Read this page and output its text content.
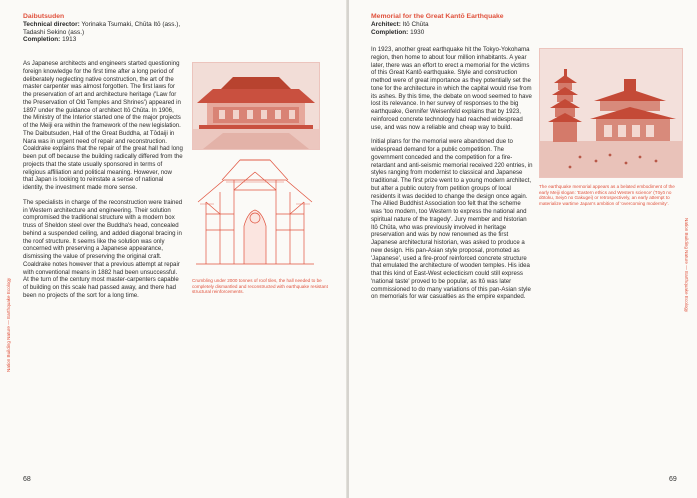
Daibutsuden

Technical director: Yorinaka Tsumaki, Chūta Itō (ass.), Tadashi Sekino (ass.)

Completion: 1913

As Japanese architects and engineers started questioning foreign knowledge for the first time after a long period of deliberately neglecting native construction, the art of the master carpenter was almost forgotten. The first laws for the preservation of art and architecture heritage ('Law for the Preservation of Old Temples and Shrines') appeared in 1897 under the guidance of architect Itō Chūta. In 1906, the Ministry of the Interior started one of the major projects of the Meiji era within the framework of the new legislation. The Daibutsuden, Hall of the Great Buddha, at Tōdaiji in Nara was in urgent need of repair and reconstruction. Coaldrake explains that the repair of the great hall had long been put off because the building radically differed from the projects that the state usually sponsored in terms of religious affiliation and political meaning. However, now that Japan is looking to reinstate a sense of national identity, the investment made more sense.

The specialists in charge of the reconstruction were trained in Western architecture and engineering. Their solution compromised the traditional structure with a modern box truss of Sheldon steel over the Buddha's head, concealed behind a suspended ceiling, and added diagonal bracing in the roof structure. It seems like the solution was only concerned with preserving a Japanese appearance, dismissing the value of preserving the original craft. Coaldrake notes however that a previous attempt at repair with conventional means in 1882 had been unsuccessful. At the turn of the century most master-carpenters capable of building on this scale had passed away, and there had been no projects of the sort for a long time.

Crumbling under 2000 tonnes of roof tiles, the hall needed to be completely dismantled and reconstructed with earthquake resistant structural reinforcements.

Nation Building Nature — Earthquake Ecology
68

Memorial for the Great Kantō Earthquake

Architect: Itō Chūta

Completion: 1930

In 1923, another great earthquake hit the Tokyo-Yokohama region, then home to about four million inhabitants. A year later, there was an effort to erect a memorial for the victims of this Great Kantō earthquake. Style and construction method were of great importance as they potentially set the tone for the architecture in which the capital would rise from its ashes. By this time, the debate on wood seemed to have lost its relevance. In her survey of responses to the big earthquake, Gennifer Weisenfeld explains that by 1923, reinforced concrete technology had reached widespread use, and was now a reliable and cheap way to build.

Initial plans for the memorial were abandoned due to widespread demand for a public competition. The government conceded and the competition for a fire-retardant and anti-seismic memorial received 220 entries, in styles ranging from modernist to classical and Japanese traditional. The first prize went to a young modern architect, but after a public outcry from petition groups of local residents it was decided to change the design once again. The Allied Buddhist Association too felt that the scheme was 'too modern, too Western to express the national and spiritual nature of the tragedy'. Jury member and historian Itō Chūta, who was previously involved in heritage preservation and was by now renowned as the first Japanese architectural historian, was asked to produce a new design. His pan-Asian style proposal, promoted as 'Japanese', used a fire-proof reinforced concrete structure that emulated the architecture of wooden temples. His idea that this kind of East-West eclecticism could still express 'national taste' proved to be popular, as Itō was later commissioned to do many variations of this pan-Asian style on memorials for war casualties as the empire expanded.

The earthquake memorial appears as a belated embodiment of the early Meiji slogan: 'Eastern ethics and Western science' (Tōyō no dōtoku, Seiyō no Gakugei) or retrospectively, an early attempt to materialize wartime Japan's ambition of 'overcoming modernity'.

Nation Building Nature — Earthquake Ecology
69
